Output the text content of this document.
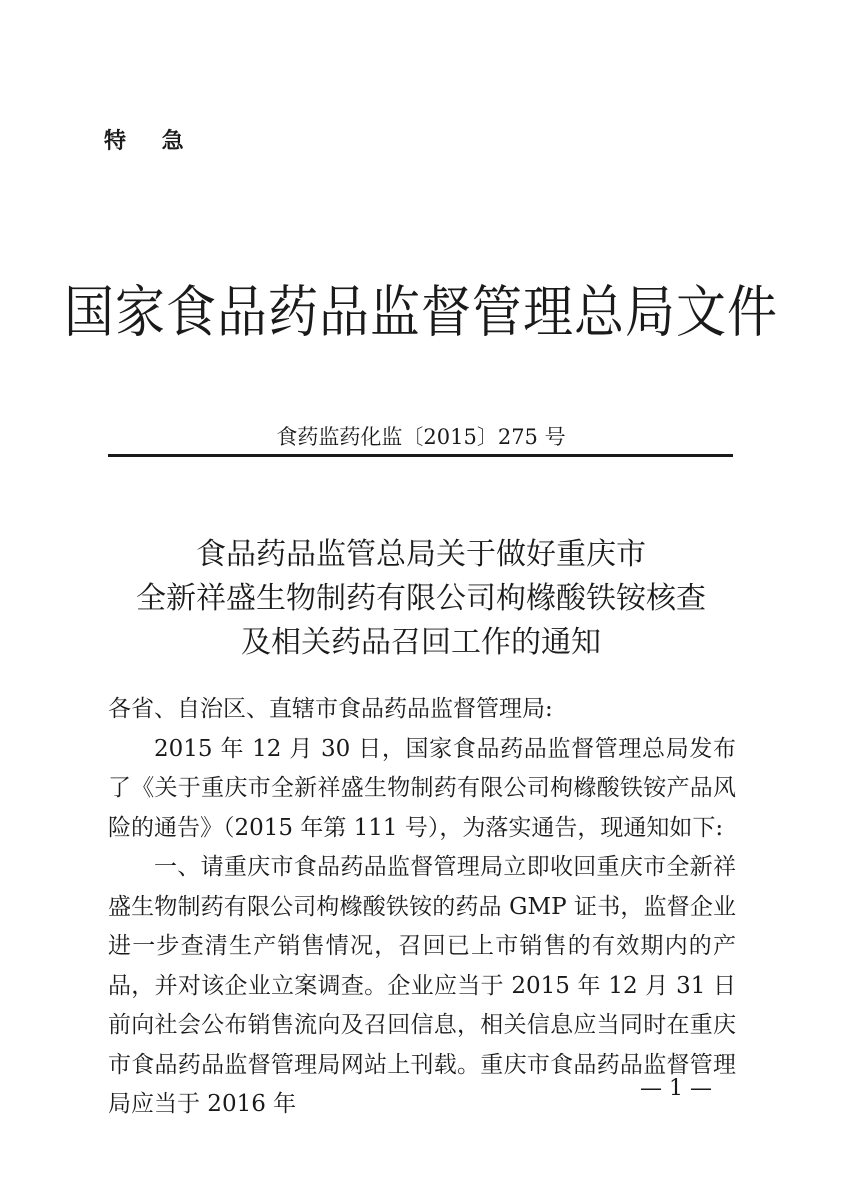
特 急
国家食品药品监督管理总局文件
食药监药化监〔2015〕275 号
食品药品监管总局关于做好重庆市
全新祥盛生物制药有限公司枸橼酸铁铵核查
及相关药品召回工作的通知

各省、自治区、直辖市食品药品监督管理局:

2015 年 12 月 30 日，国家食品药品监督管理总局发布了《关于重庆市全新祥盛生物制药有限公司枸橼酸铁铵产品风险的通告》（2015 年第 111 号），为落实通告，现通知如下:

一、请重庆市食品药品监督管理局立即收回重庆市全新祥盛生物制药有限公司枸橼酸铁铵的药品 GMP 证书，监督企业进一步查清生产销售情况，召回已上市销售的有效期内的产品，并对该企业立案调查。企业应当于 2015 年 12 月 31 日前向社会公布销售流向及召回信息，相关信息应当同时在重庆市食品药品监督管理局网站上刊载。重庆市食品药品监督管理局应当于 2016 年

— 1 —
